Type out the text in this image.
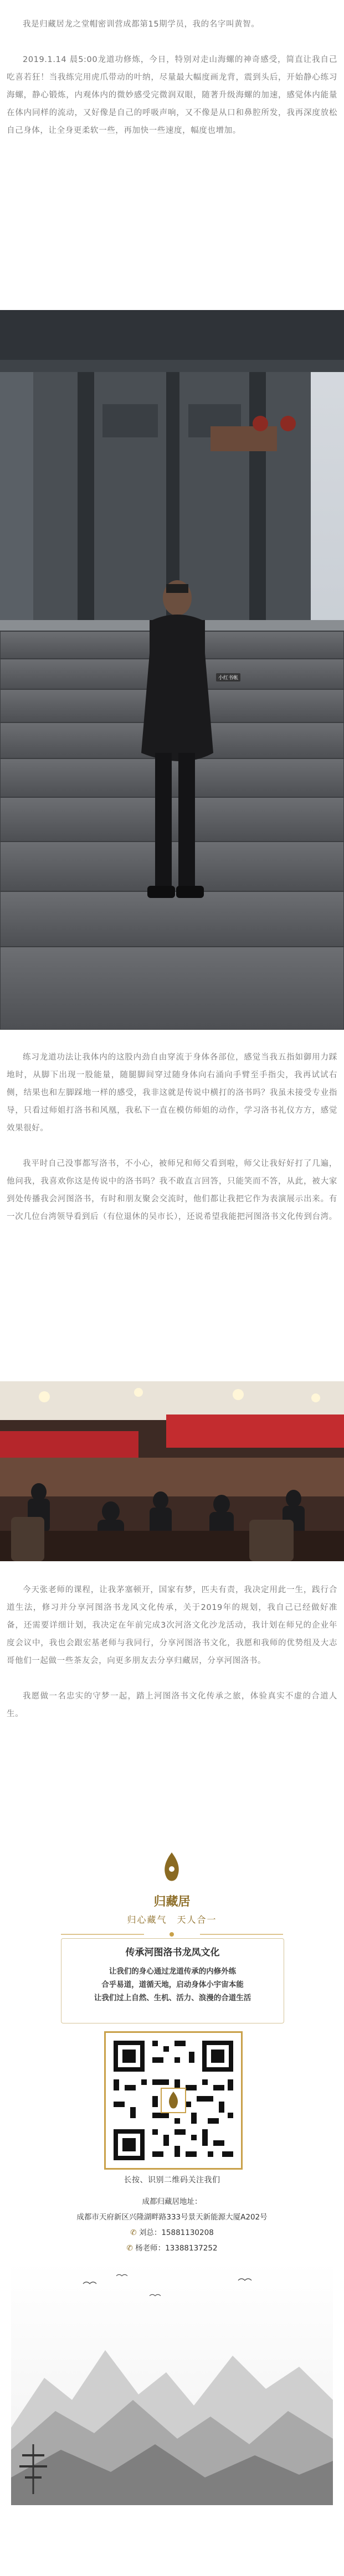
我是归藏居龙之堂帽密训营成都第15期学员，我的名字叫黄智。

2019.1.14 晨5:00龙道功修炼，今日，特别对走山海螺的神奇感受，简直让我自己吃喜若狂！当我练完用虎爪带动的叶纳，尽量最大幅度画龙背，震到头后，开始静心练习海螺，静心锻炼，内观体内的微妙感受完微润双眼，随著升级海螺的加速，感觉体内能量在体内同样的流动，又好像是自己的呼吸声响，又不像是从口和鼻腔所发，我再深度放松自己身体，让全身更柔软一些，再加快一些速度，幅度也增加。

小红书帐

练习龙道功法让我体内的这股内劲自由穿流于身体各部位，感觉当我五指如御用力踩地时，从脚下出现一股能量，随腿脚间穿过随身体向右涌向手臂至手指尖，我再试试右侧，结果也和左脚踩地一样的感受，我非这就是传说中横打的洛书吗？我虽未接受专业指导，只看过师姐打洛书和风凰，我私下一直在模仿师姐的动作，学习洛书礼仪方方，感觉效果很好。

我平时自己没事都写洛书，不小心，被师兄和师父看到啦，师父让我好好打了几遍，他问我，我喜欢你这是传说中的洛书吗？我不敢直言回答，只能笑而不答，从此，被大家到处传播我会河图洛书，有时和朋友聚会交流时，他们都让我把它作为表演展示出来。有一次几位台湾领导看到后（有位退休的吴市长），还说希望我能把河图洛书文化传到台湾。

今天张老师的课程，让我茅塞顿开，国家有梦，匹夫有责，我决定用此一生，践行合道生法，修习并分享河图洛书龙风文化传承，关于2019年的规划，我自己已经做好准备，还需要详细计划，我决定在年前完成3次河洛文化沙龙活动，我计划在师兄的企业年度会议中，我也会跟宏基老师与我同行，分享河图洛书文化，我愿和我师的优势组及大志哥他们一起做一些茶友会，向更多朋友去分享归藏居，分享河图洛书。

我愿做一名忠实的守梦一起，踏上河图洛书文化传承之旅，体验真实不虚的合道人生。

归藏居
归心藏气　天人合一
传承河图洛书龙凤文化
让我们的身心通过龙道传承的内修外练
合乎易道，道循天地，启动身体小宇宙本能
让我们过上自然、生机、活力、浪漫的合道生活
长按、识别二维码关注我们
成都归藏居地址：
成都市天府新区兴隆湖畔路333号景天新能源大厦A202号
✆ 刘总：15881130208
✆ 杨老师：13388137252
